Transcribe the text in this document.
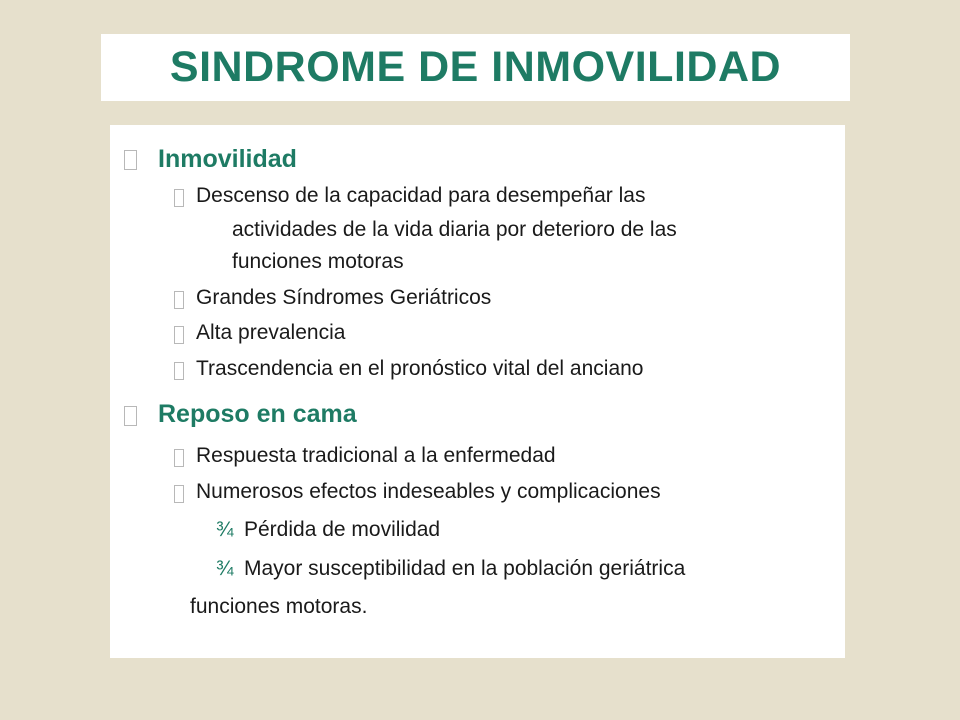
SINDROME DE INMOVILIDAD
Inmovilidad
Descenso de la capacidad para desempeñar las
actividades de la vida diaria por deterioro de las
funciones motoras
Grandes Síndromes Geriátricos
Alta prevalencia
Trascendencia en el pronóstico vital del anciano
Reposo en cama
Respuesta tradicional a la enfermedad
Numerosos efectos indeseables y complicaciones
¾ Pérdida de movilidad
¾ Mayor susceptibilidad en la población geriátrica
funciones motoras.
